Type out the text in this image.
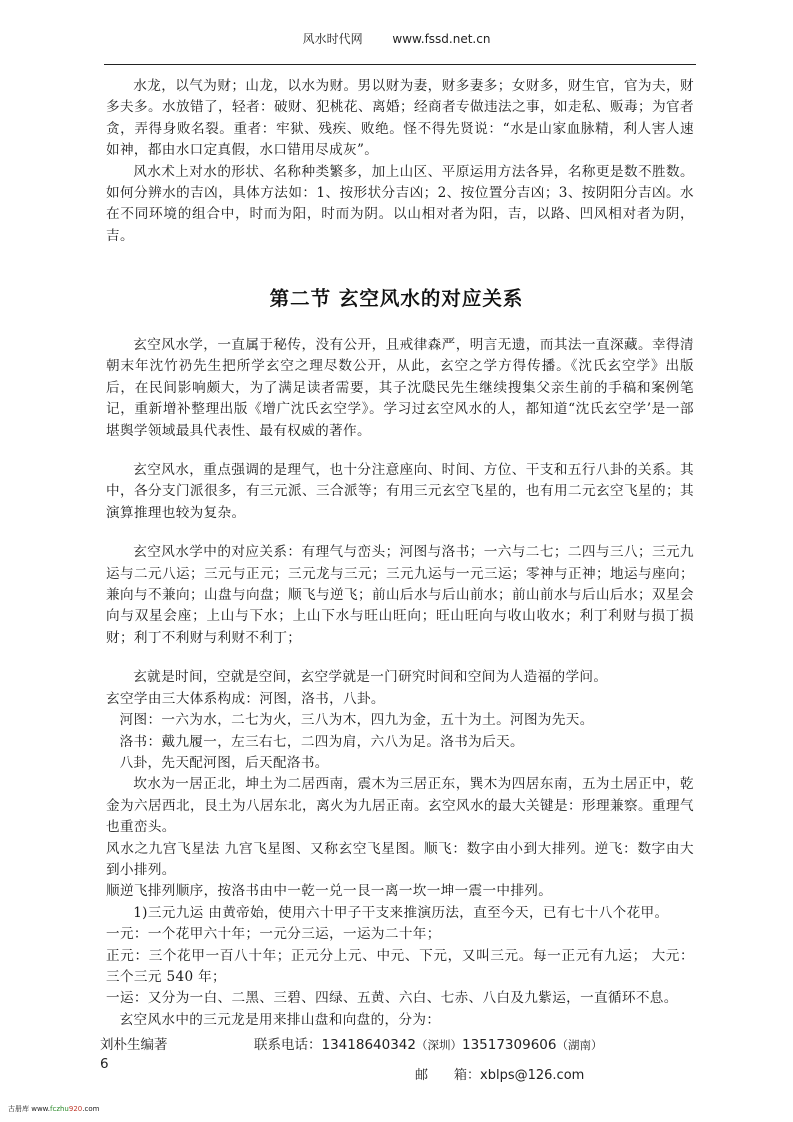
风水时代网 www.fssd.net.cn

水龙，以气为财；山龙，以水为财。男以财为妻，财多妻多；女财多，财生官，官为夫，财多夫多。水放错了，轻者：破财、犯桃花、离婚；经商者专做违法之事，如走私、贩毒；为官者贪，弄得身败名裂。重者：牢狱、残疾、败绝。怪不得先贤说：“水是山家血脉精，利人害人速如神，都由水口定真假，水口错用尽成灰”。

风水术上对水的形状、名称种类繁多，加上山区、平原运用方法各异，名称更是数不胜数。如何分辨水的吉凶，具体方法如：1、按形状分吉凶；2、按位置分吉凶；3、按阴阳分吉凶。水在不同环境的组合中，时而为阳，时而为阴。以山相对者为阳，吉，以路、凹风相对者为阴，吉。

第二节 玄空风水的对应关系

玄空风水学，一直属于秘传，没有公开，且戒律森严，明言无遗，而其法一直深藏。幸得清朝末年沈竹礽先生把所学玄空之理尽数公开，从此，玄空之学方得传播。《沈氏玄空学》出版后，在民间影响颇大，为了满足读者需要，其子沈瓞民先生继续搜集父亲生前的手稿和案例笔记，重新增补整理出版《增广沈氏玄空学》。学习过玄空风水的人，都知道“沈氏玄空学’是一部堪舆学领域最具代表性、最有权威的著作。

玄空风水，重点强调的是理气，也十分注意座向、时间、方位、干支和五行八卦的关系。其中，各分支门派很多，有三元派、三合派等；有用三元玄空飞星的，也有用二元玄空飞星的；其演算推理也较为复杂。

玄空风水学中的对应关系：有理气与峦头；河图与洛书；一六与二七；二四与三八；三元九运与二元八运；三元与正元；三元龙与三元；三元九运与一元三运；零神与正神；地运与座向；兼向与不兼向；山盘与向盘；顺飞与逆飞；前山后水与后山前水；前山前水与后山后水；双星会向与双星会座；上山与下水；上山下水与旺山旺向；旺山旺向与收山收水；利丁利财与损丁损财；利丁不利财与利财不利丁；

玄就是时间，空就是空间，玄空学就是一门研究时间和空间为人造福的学问。

玄空学由三大体系构成：河图，洛书，八卦。

河图：一六为水，二七为火，三八为木，四九为金，五十为土。河图为先天。

洛书：戴九履一，左三右七，二四为肩，六八为足。洛书为后天。

八卦，先天配河图，后天配洛书。

坎水为一居正北，坤土为二居西南，震木为三居正东，巽木为四居东南，五为土居正中，乾金为六居西北，艮土为八居东北，离火为九居正南。玄空风水的最大关键是：形理兼察。重理气也重峦头。

风水之九宫飞星法 九宫飞星图、又称玄空飞星图。顺飞：数字由小到大排列。逆飞：数字由大到小排列。

顺逆飞排列顺序，按洛书由中一乾一兑一艮一离一坎一坤一震一中排列。

1)三元九运 由黄帝始，使用六十甲子干支来推演历法，直至今天，已有七十八个花甲。

一元：一个花甲六十年；一元分三运，一运为二十年；

正元：三个花甲一百八十年；正元分上元、中元、下元，又叫三元。每一正元有九运； 大元：三个三元 540 年；

一运：又分为一白、二黑、三碧、四绿、五黄、六白、七赤、八白及九紫运，一直循环不息。

玄空风水中的三元龙是用来排山盘和向盘的，分为：

刘朴生编著
6
联系电话：13418640342（深圳）13517309606（湖南）
邮 箱：xblps@126.com
古册库 www.fczhu920.com
